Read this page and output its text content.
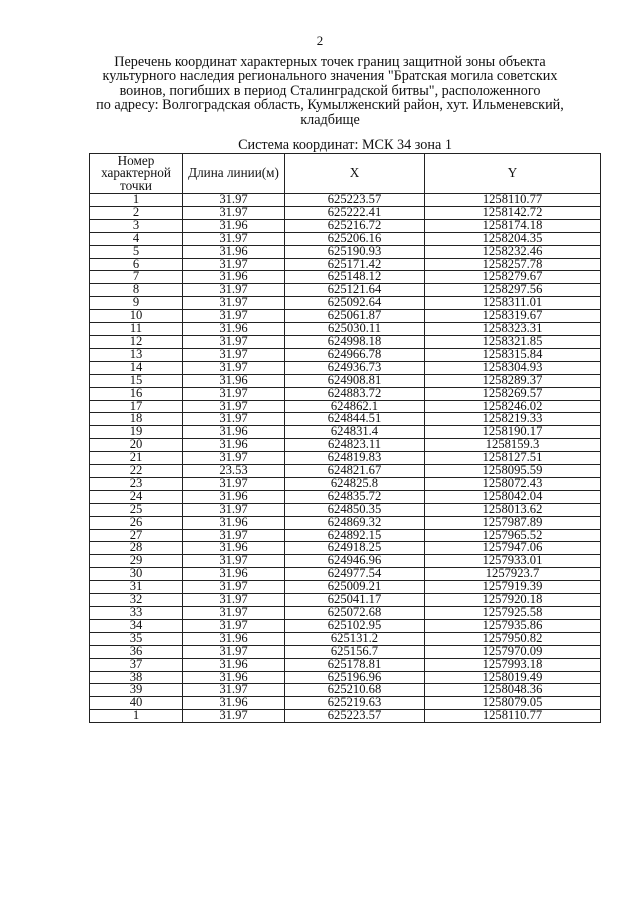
2
Перечень координат характерных точек границ защитной зоны объекта
культурного наследия регионального значения "Братская могила советских
воинов, погибших в период Сталинградской битвы", расположенного
по адресу: Волгоградская область, Кумылженский район, хут. Ильменевский,
кладбище
Система координат: МСК 34 зона 1
Номер характерной точки	Длина линии(м)	X	Y
1	31.97	625223.57	1258110.77
2	31.97	625222.41	1258142.72
3	31.96	625216.72	1258174.18
4	31.97	625206.16	1258204.35
5	31.96	625190.93	1258232.46
6	31.97	625171.42	1258257.78
7	31.96	625148.12	1258279.67
8	31.97	625121.64	1258297.56
9	31.97	625092.64	1258311.01
10	31.97	625061.87	1258319.67
11	31.96	625030.11	1258323.31
12	31.97	624998.18	1258321.85
13	31.97	624966.78	1258315.84
14	31.97	624936.73	1258304.93
15	31.96	624908.81	1258289.37
16	31.97	624883.72	1258269.57
17	31.97	624862.1	1258246.02
18	31.97	624844.51	1258219.33
19	31.96	624831.4	1258190.17
20	31.96	624823.11	1258159.3
21	31.97	624819.83	1258127.51
22	23.53	624821.67	1258095.59
23	31.97	624825.8	1258072.43
24	31.96	624835.72	1258042.04
25	31.97	624850.35	1258013.62
26	31.96	624869.32	1257987.89
27	31.97	624892.15	1257965.52
28	31.96	624918.25	1257947.06
29	31.97	624946.96	1257933.01
30	31.96	624977.54	1257923.7
31	31.97	625009.21	1257919.39
32	31.97	625041.17	1257920.18
33	31.97	625072.68	1257925.58
34	31.97	625102.95	1257935.86
35	31.96	625131.2	1257950.82
36	31.97	625156.7	1257970.09
37	31.96	625178.81	1257993.18
38	31.96	625196.96	1258019.49
39	31.97	625210.68	1258048.36
40	31.96	625219.63	1258079.05
1	31.97	625223.57	1258110.77
